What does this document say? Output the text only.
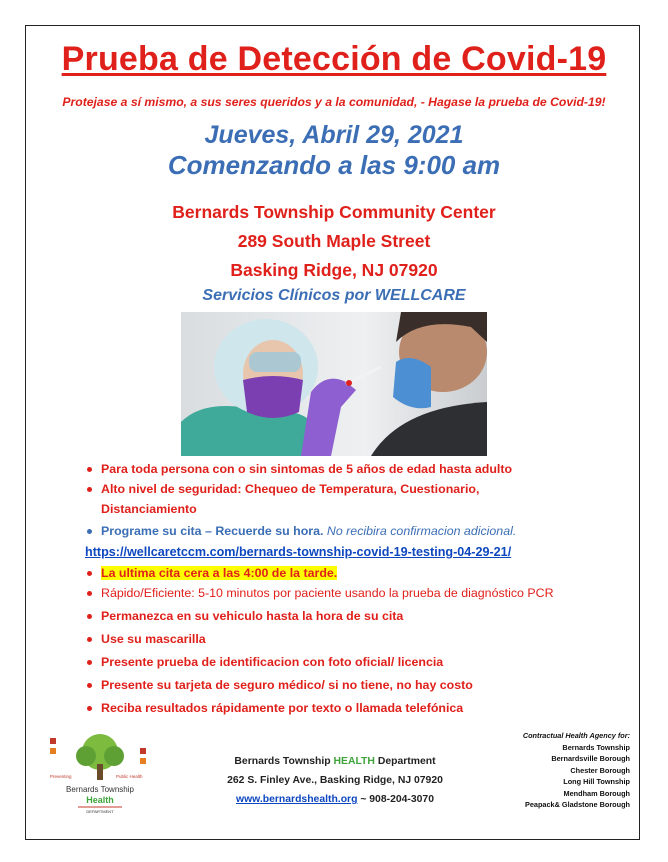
Prueba de Detección de Covid-19
Protejase a sí mismo, a sus seres queridos y a la comunidad, - Hagase la prueba de Covid-19!
Jueves, Abril 29, 2021
Comenzando a las 9:00 am
Bernards Township Community Center
289 South Maple Street
Basking Ridge, NJ 07920
Servicios Clínicos por WELLCARE
Para toda persona con o sin sintomas de 5 años de edad hasta adulto
Alto nivel de seguridad: Chequeo de Temperatura, Cuestionario,
Distanciamiento
Programe su cita – Recuerde su hora. No recibira confirmacion adicional.
https://wellcaretccm.com/bernards-township-covid-19-testing-04-29-21/
La ultima cita cera a las 4:00 de la tarde.
Rápido/Eficiente: 5-10 minutos por paciente usando la prueba de diagnóstico PCR
Permanezca en su vehiculo hasta la hora de su cita
Use su mascarilla
Presente prueba de identificacion con foto oficial/ licencia
Presente su tarjeta de seguro médico/ si no tiene, no hay costo
Reciba resultados rápidamente por texto o llamada telefónica
Preventing	Public Health
Bernards Township
Health
DEPARTMENT
Bernards Township HEALTH Department
262 S. Finley Ave., Basking Ridge, NJ 07920
www.bernardshealth.org ~ 908-204-3070
Contractual Health Agency for:
Bernards Township
Bernardsville Borough
Chester Borough
Long Hill Township
Mendham Borough
Peapack& Gladstone Borough
